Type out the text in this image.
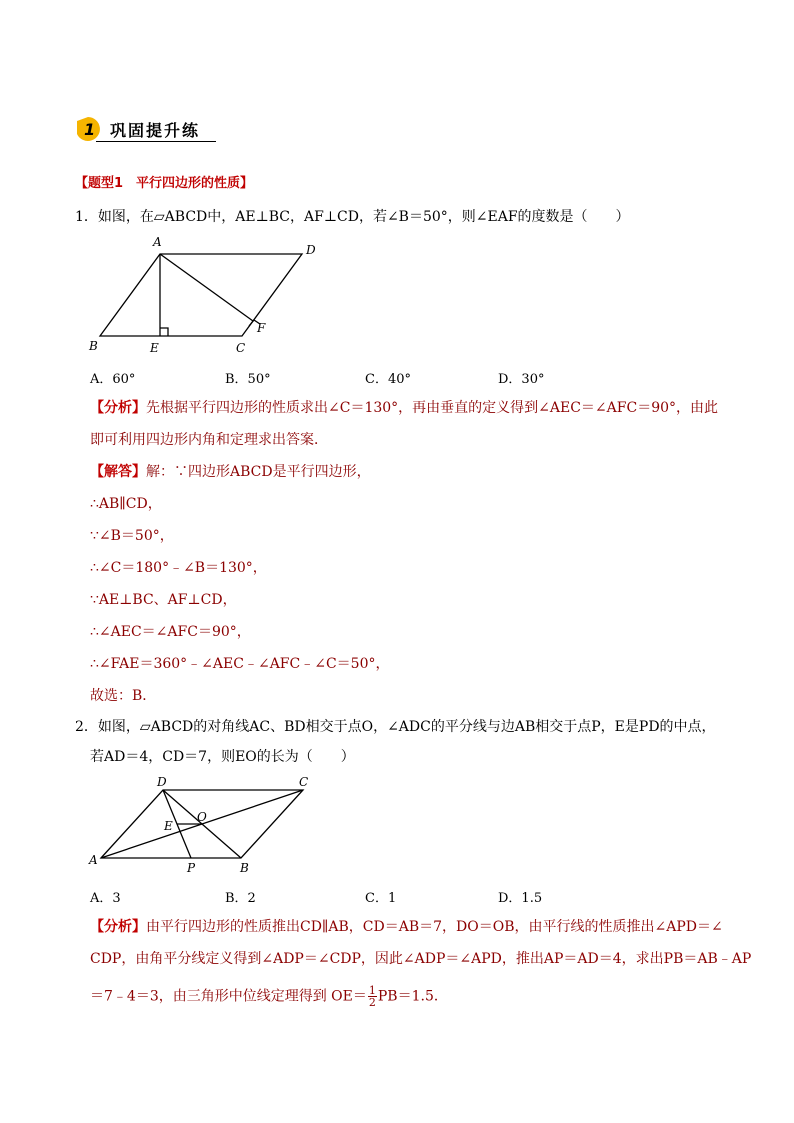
1 巩固提升练
【题型1　平行四边形的性质】
1．如图，在▱ABCD中，AE⊥BC，AF⊥CD，若∠B＝50°，则∠EAF的度数是（　　）
A
D
B	E	C
F
A．60°	B．50°	C．40°	D．30°
【分析】先根据平行四边形的性质求出∠C＝130°，再由垂直的定义得到∠AEC＝∠AFC＝90°，由此
即可利用四边形内角和定理求出答案．
【解答】解：∵四边形ABCD是平行四边形，
∴AB∥CD，
∵∠B＝50°，
∴∠C＝180°﹣∠B＝130°，
∵AE⊥BC、AF⊥CD，
∴∠AEC＝∠AFC＝90°，
∴∠FAE＝360°﹣∠AEC﹣∠AFC﹣∠C＝50°，
故选：B．
2．如图，▱ABCD的对角线AC、BD相交于点O，∠ADC的平分线与边AB相交于点P，E是PD的中点，
若AD＝4，CD＝7，则EO的长为（　　）
D	C
A
B
P
E
O
A．3	B．2	C．1	D．1.5
【分析】由平行四边形的性质推出CD∥AB，CD＝AB＝7，DO＝OB，由平行线的性质推出∠APD＝∠
CDP，由角平分线定义得到∠ADP＝∠CDP，因此∠ADP＝∠APD，推出AP＝AD＝4，求出PB＝AB﹣AP
＝7﹣4＝3，由三角形中位线定理得到 $OE= \frac{1}{2} PB=1.5$．
